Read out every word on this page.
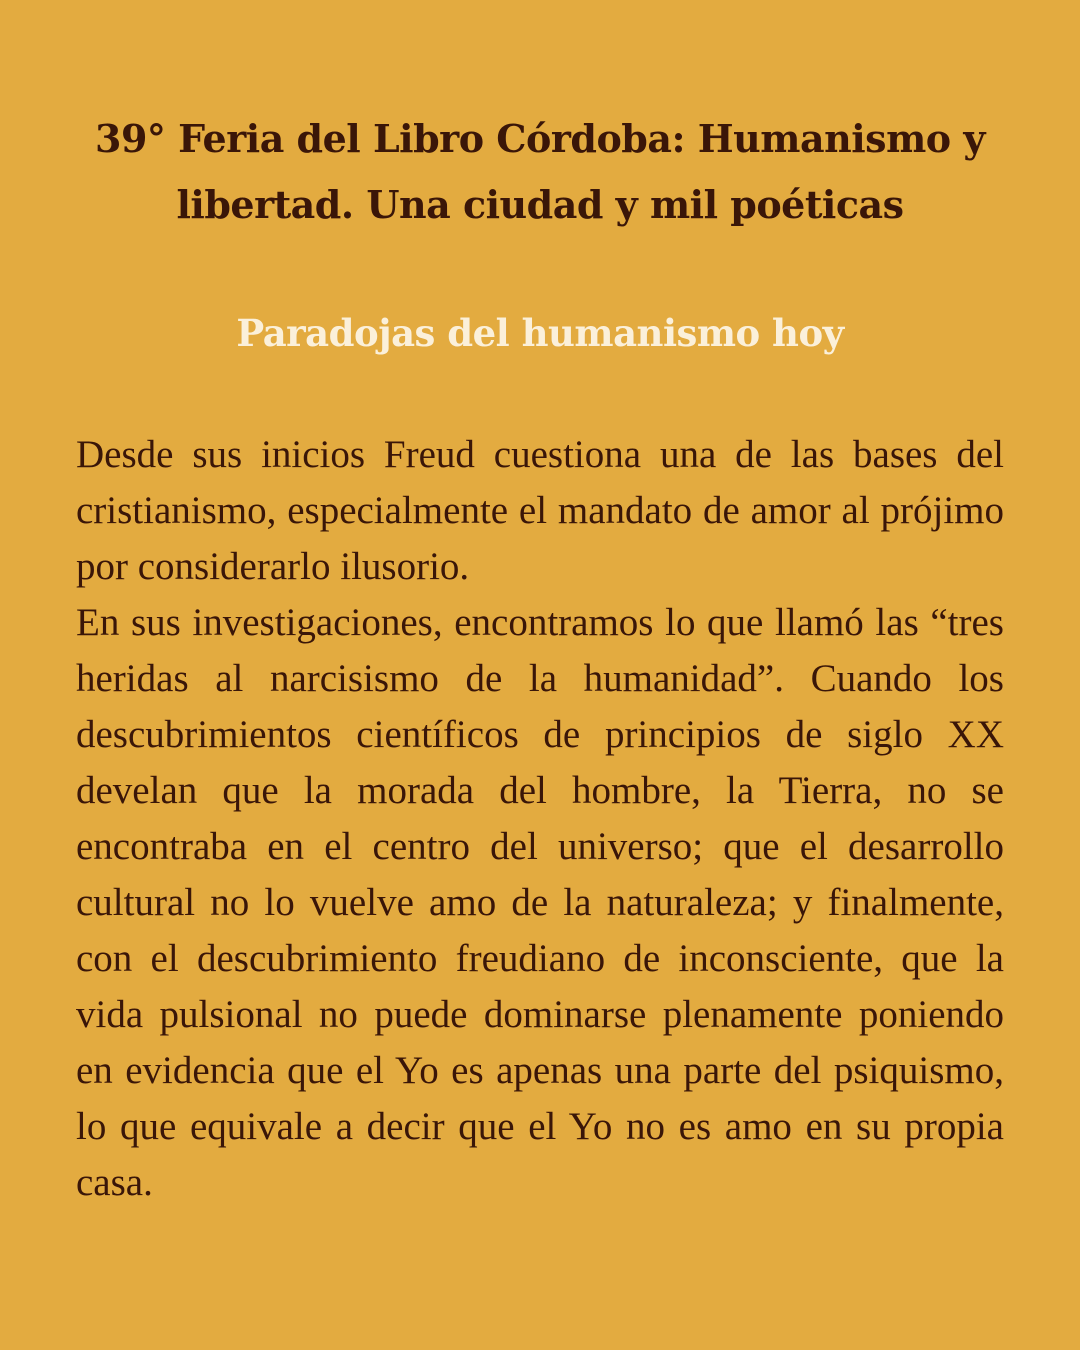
39° Feria del Libro Córdoba: Humanismo y libertad. Una ciudad y mil poéticas
Paradojas del humanismo hoy

Desde sus inicios Freud cuestiona una de las bases del cristianismo, especialmente el mandato de amor al prójimo por considerarlo ilusorio.

En sus investigaciones, encontramos lo que llamó las “tres heridas al narcisismo de la humanidad”. Cuando los descubrimientos científicos de principios de siglo XX develan que la morada del hombre, la Tierra, no se encontraba en el centro del universo; que el desarrollo cultural no lo vuelve amo de la naturaleza; y finalmente, con el descubrimiento freudiano de inconsciente, que la vida pulsional no puede dominarse plenamente poniendo en evidencia que el Yo es apenas una parte del psiquismo, lo que equivale a decir que el Yo no es amo en su propia casa.
